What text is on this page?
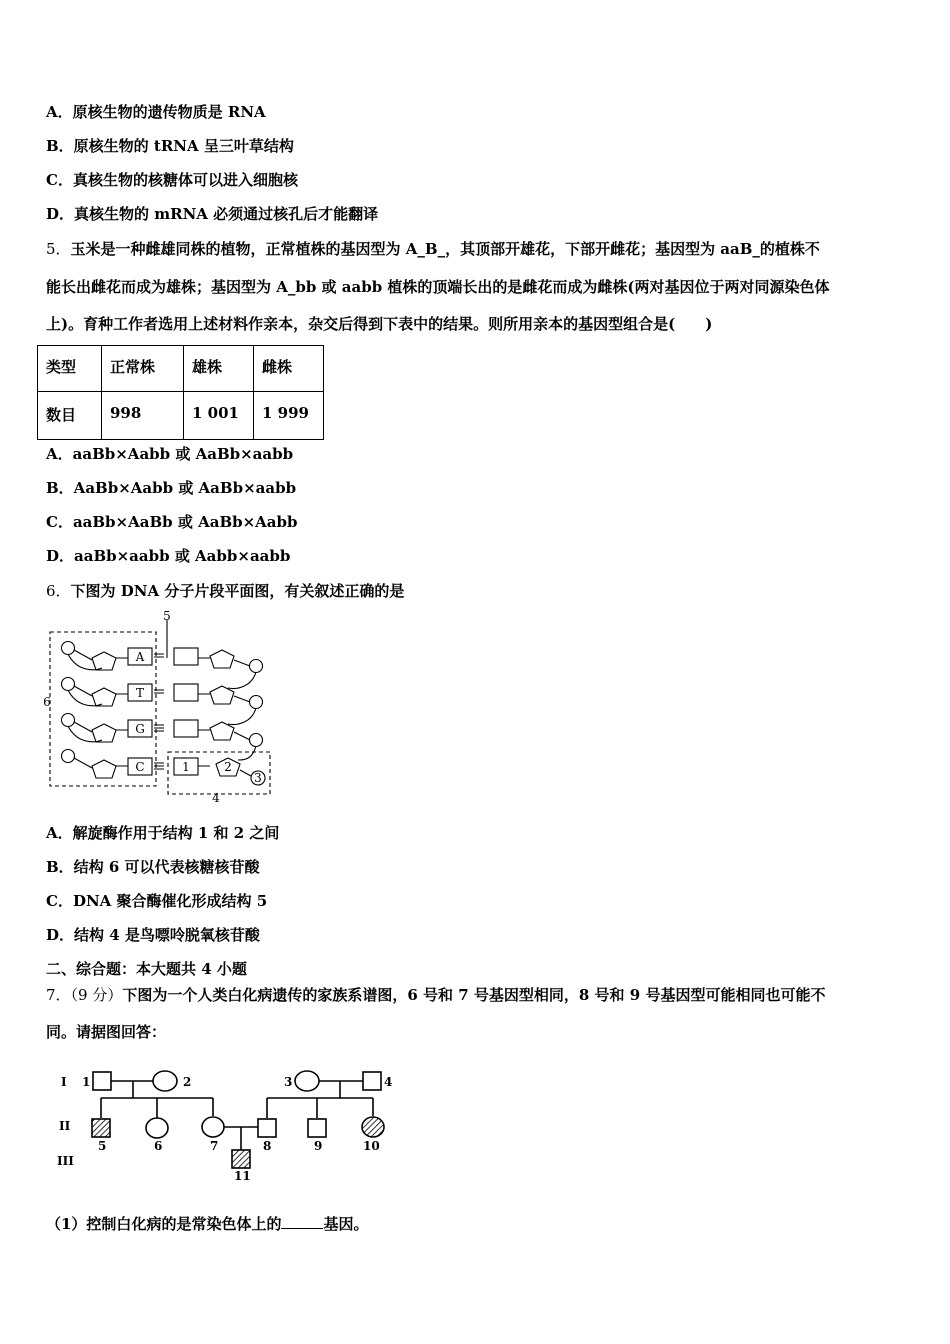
A．原核生物的遗传物质是 RNA
B．原核生物的 tRNA 呈三叶草结构
C．真核生物的核糖体可以进入细胞核
D．真核生物的 mRNA 必须通过核孔后才能翻译
5．玉米是一种雌雄同株的植物，正常植株的基因型为 A_B_，其顶部开雄花，下部开雌花；基因型为 aaB_的植株不
能长出雌花而成为雄株；基因型为 A_bb 或 aabb 植株的顶端长出的是雌花而成为雌株(两对基因位于两对同源染色体
上)。育种工作者选用上述材料作亲本，杂交后得到下表中的结果。则所用亲本的基因型组合是(　　)
类型	正常株	雄株	雌株
数目	998	1 001	1 999
A．aaBb×Aabb 或 AaBb×aabb
B．AaBb×Aabb 或 AaBb×aabb
C．aaBb×AaBb 或 AaBb×Aabb
D．aaBb×aabb 或 Aabb×aabb
6．下图为 DNA 分子片段平面图，有关叙述正确的是
A
T
G
C
5
6
4
1	2
3
A．解旋酶作用于结构 1 和 2 之间
B．结构 6 可以代表核糖核苷酸
C．DNA 聚合酶催化形成结构 5
D．结构 4 是鸟嘌呤脱氧核苷酸
二、综合题：本大题共 4 小题
7．（9 分）下图为一个人类白化病遗传的家族系谱图，6 号和 7 号基因型相同，8 号和 9 号基因型可能相同也可能不
同。请据图回答：
I
II
III
1	2	3	4
5	6	7	8	9	10
11
（1）控制白化病的是常染色体上的	基因。
